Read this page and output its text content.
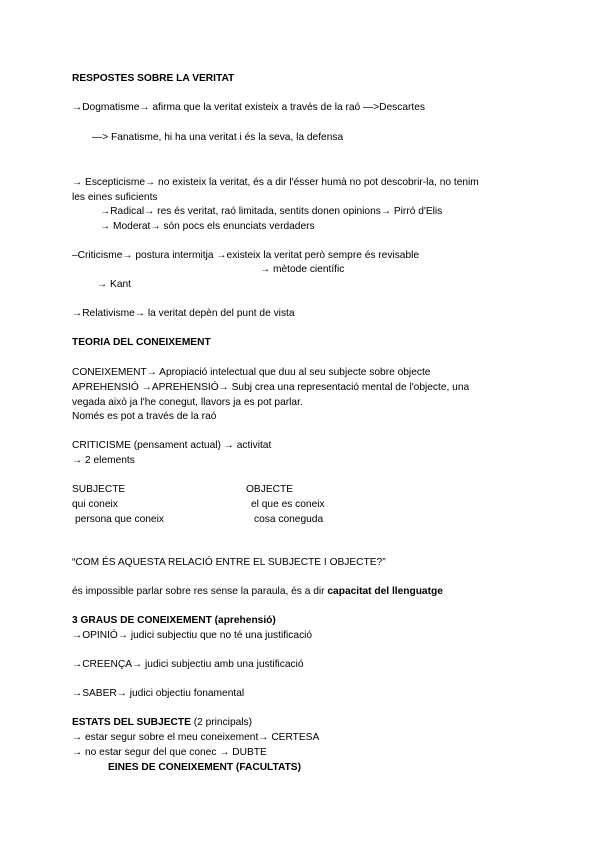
RESPOSTES SOBRE LA VERITAT
→Dogmatisme→ afirma que la veritat existeix a través de la raó —>Descartes
—> Fanatisme, hi ha una veritat i és la seva, la defensa
→ Escepticisme→ no existeix la veritat, és a dir l'ésser humà no pot descobrir-la, no tenim
les eines suficients
→Radical→ res és veritat, raó limitada, sentits donen opinions→ Pirró d'Elis
→ Moderat→ són pocs els enunciats verdaders
–Criticisme→ postura intermitja →existeix la veritat però sempre és revisable
→ mètode científic
→ Kant
→Relativisme→ la veritat depèn del punt de vista
TEORIA DEL CONEIXEMENT
CONEIXEMENT→ Apropiació intelectual que duu al seu subjecte sobre objecte
APREHENSIÓ →APREHENSIÓ→ Subj crea una representació mental de l'objecte, una
vegada això ja l'he conegut, llavors ja es pot parlar.
Només es pot a través de la raó
CRITICISME (pensament actual) → activitat
→ 2 elements
SUBJECTE	OBJECTE
qui coneix	el que es coneix
persona que coneix	cosa coneguda
“COM ÉS AQUESTA RELACIÓ ENTRE EL SUBJECTE I OBJECTE?”
és impossible parlar sobre res sense la paraula, és a dir capacitat del llenguatge
3 GRAUS DE CONEIXEMENT (aprehensió)
→OPINIÓ→ judici subjectiu que no té una justificació
→CREENÇA→ judici subjectiu amb una justificació
→SABER→ judici objectiu fonamental
ESTATS DEL SUBJECTE (2 principals)
→ estar segur sobre el meu coneixement→ CERTESA
→ no estar segur del que conec → DUBTE
EINES DE CONEIXEMENT (FACULTATS)
